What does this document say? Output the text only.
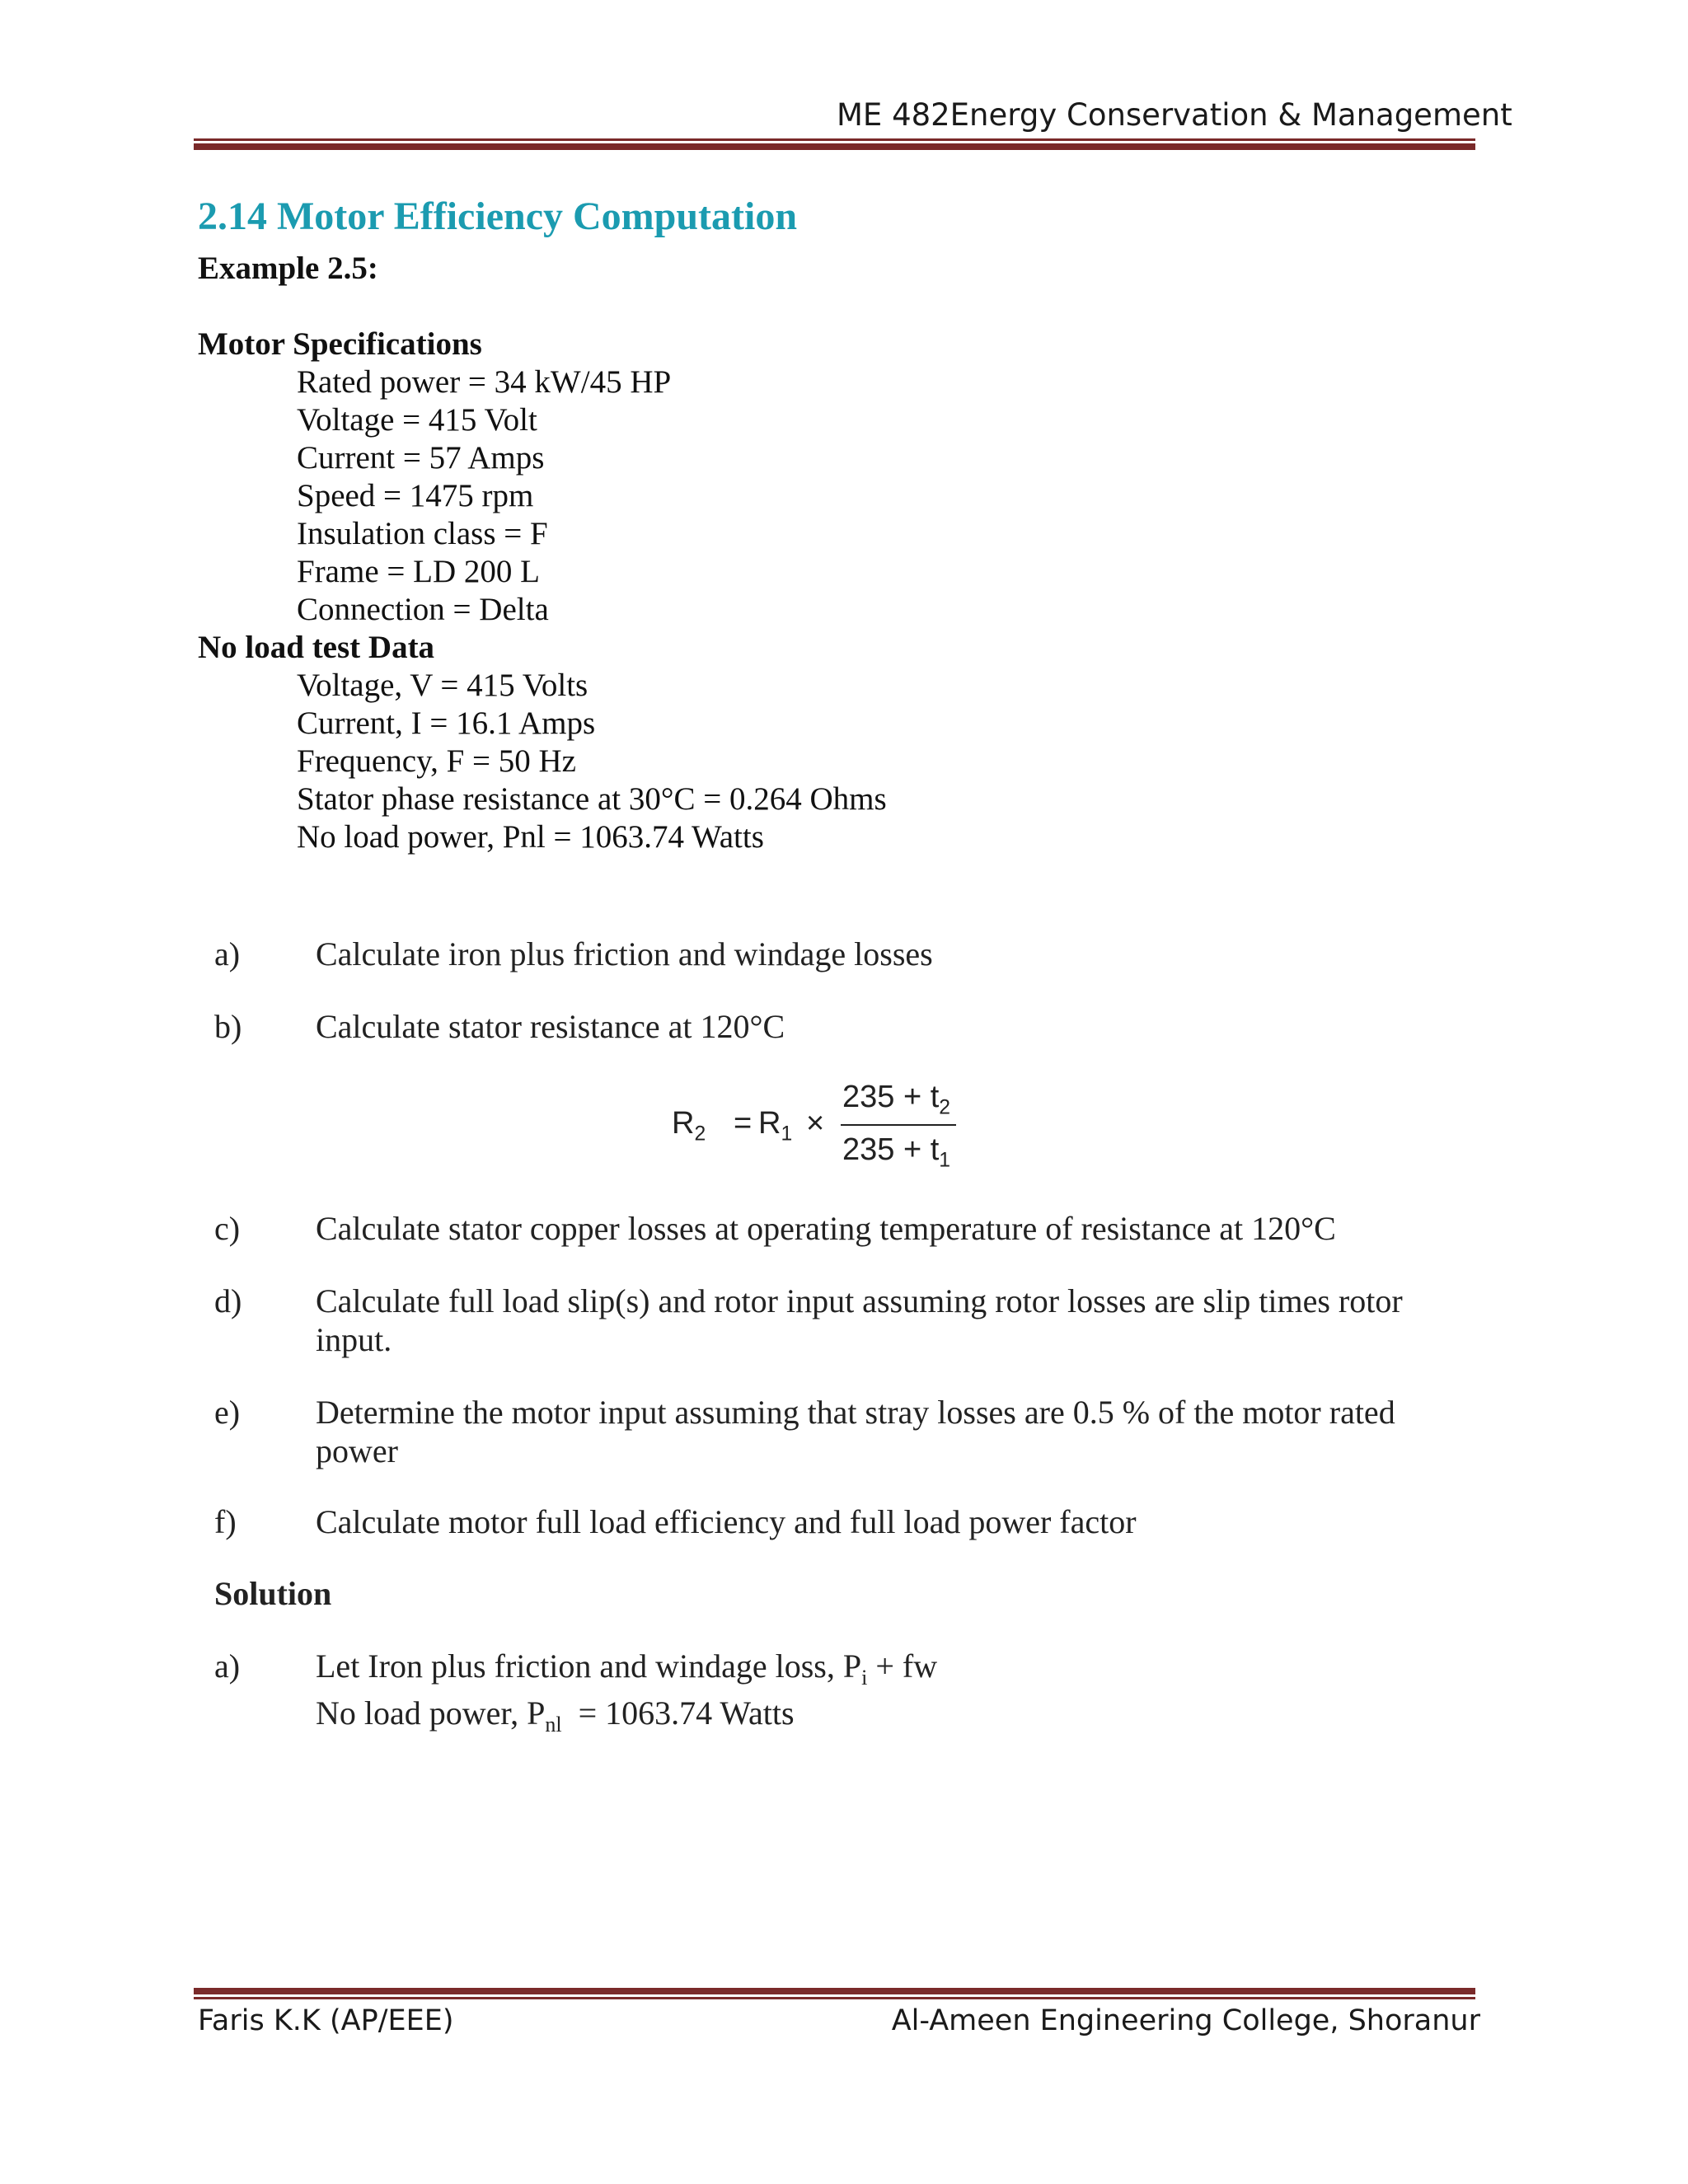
ME 482Energy Conservation & Management
2.14 Motor Efficiency Computation
Example 2.5:
Motor Specifications
Rated power = 34 kW/45 HP
Voltage = 415 Volt
Current = 57 Amps
Speed = 1475 rpm
Insulation class = F
Frame = LD 200 L
Connection = Delta
No load test Data
Voltage, V = 415 Volts
Current, I = 16.1 Amps
Frequency, F = 50 Hz
Stator phase resistance at 30°C = 0.264 Ohms
No load power, Pnl = 1063.74 Watts
a) Calculate iron plus friction and windage losses
b) Calculate stator resistance at 120°C
$R_2 = R_1$ ×
$235 + t_2$
$235 + t_1$
c) Calculate stator copper losses at operating temperature of resistance at 120°C
d) Calculate full load slip(s) and rotor input assuming rotor losses are slip times rotor
input.
e) Determine the motor input assuming that stray losses are 0.5 % of the motor rated
power
f) Calculate motor full load efficiency and full load power factor
Solution
a) Let Iron plus friction and windage loss, $P_i$ + fw
No load power, $P_{nl} = 1063.74$ Watts
Faris K.K (AP/EEE)	Al-Ameen Engineering College, Shoranur
